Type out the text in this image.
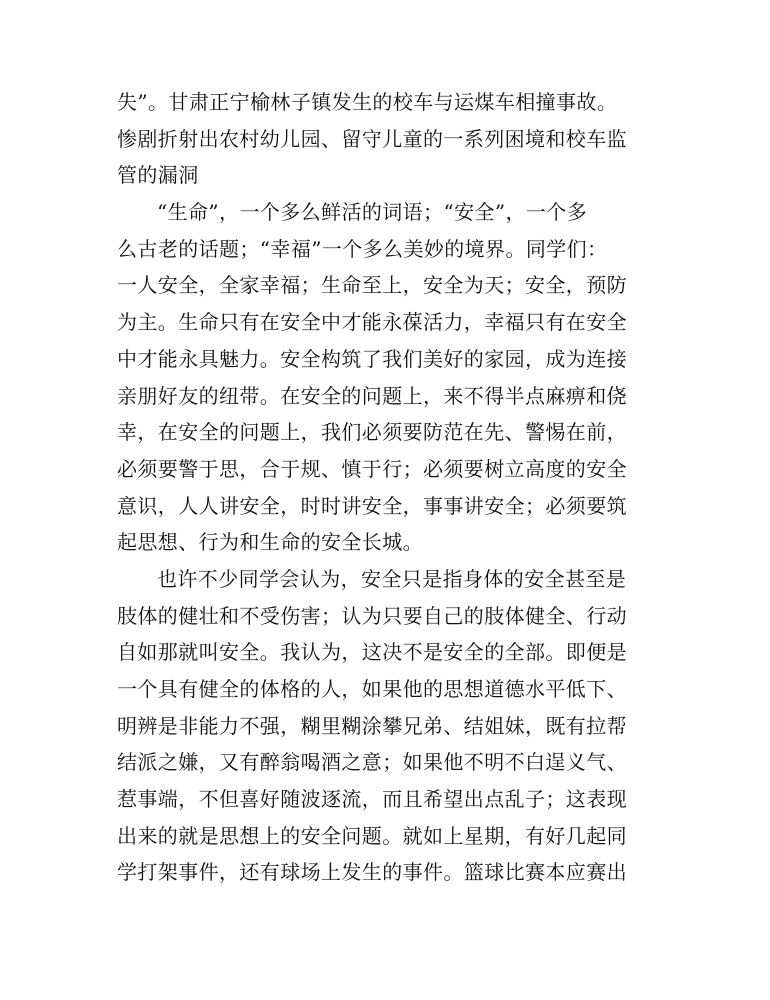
失”。甘肃正宁榆林子镇发生的校车与运煤车相撞事故。
惨剧折射出农村幼儿园、留守儿童的一系列困境和校车监
管的漏洞
“生命”，一个多么鲜活的词语；“安全”，一个多
么古老的话题；“幸福”一个多么美妙的境界。同学们：
一人安全，全家幸福；生命至上，安全为天；安全，预防
为主。生命只有在安全中才能永葆活力，幸福只有在安全
中才能永具魅力。安全构筑了我们美好的家园，成为连接
亲朋好友的纽带。在安全的问题上，来不得半点麻痹和侥
幸，在安全的问题上，我们必须要防范在先、警惕在前，
必须要警于思，合于规、慎于行；必须要树立高度的安全
意识，人人讲安全，时时讲安全，事事讲安全；必须要筑
起思想、行为和生命的安全长城。
也许不少同学会认为，安全只是指身体的安全甚至是
肢体的健壮和不受伤害；认为只要自己的肢体健全、行动
自如那就叫安全。我认为，这决不是安全的全部。即便是
一个具有健全的体格的人，如果他的思想道德水平低下、
明辨是非能力不强，糊里糊涂攀兄弟、结姐妹，既有拉帮
结派之嫌，又有醉翁喝酒之意；如果他不明不白逞义气、
惹事端，不但喜好随波逐流，而且希望出点乱子；这表现
出来的就是思想上的安全问题。就如上星期，有好几起同
学打架事件，还有球场上发生的事件。篮球比赛本应赛出
